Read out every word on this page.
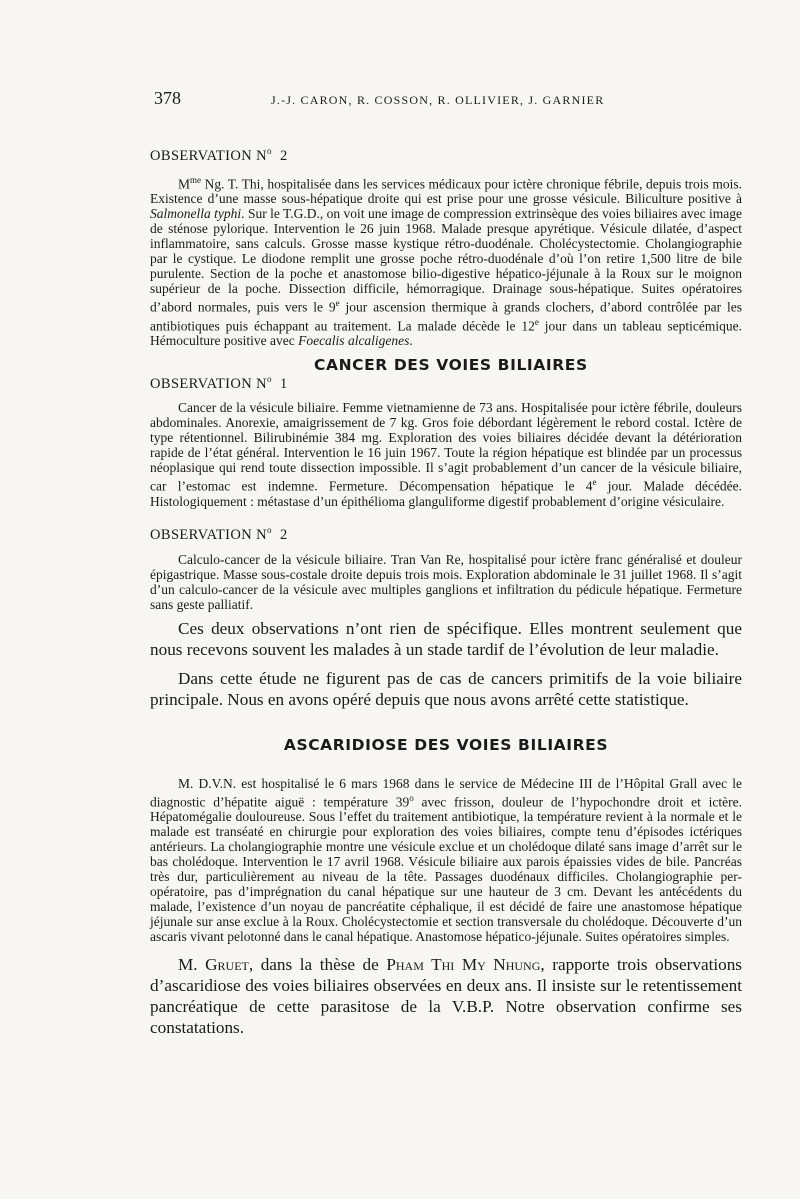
378	J.-J. CARON, R. COSSON, R. OLLIVIER, J. GARNIER
OBSERVATION $N^o$ 2

$M^{me}$ Ng. T. Thi, hospitalisée dans les services médicaux pour ictère chronique fébrile, depuis trois mois. Existence d’une masse sous-hépatique droite qui est prise pour une grosse vésicule. Biliculture positive à Salmonella typhi. Sur le T.G.D., on voit une image de compression extrinsèque des voies biliaires avec image de sténose pylorique. Intervention le 26 juin 1968. Malade presque apyrétique. Vésicule dilatée, d’aspect inflammatoire, sans calculs. Grosse masse kystique rétro-duodénale. Cholécystectomie. Cholangiographie par le cystique. Le diodone remplit une grosse poche rétro-duodénale d’où l’on retire 1,500 litre de bile purulente. Section de la poche et anastomose bilio-digestive hépatico-jéjunale à la Roux sur le moignon supérieur de la poche. Dissection difficile, hémorragique. Drainage sous-hépatique. Suites opératoires d’abord normales, puis vers le 9e jour ascension thermique à grands clochers, d’abord contrôlée par les antibiotiques puis échappant au traitement. La malade décède le 12e jour dans un tableau septicémique. Hémoculture positive avec Foecalis alcaligenes.

OBSERVATION $N^o$ 1
CANCER DES VOIES BILIAIRES

Cancer de la vésicule biliaire. Femme vietnamienne de 73 ans. Hospitalisée pour ictère fébrile, douleurs abdominales. Anorexie, amaigrissement de 7 kg. Gros foie débordant légèrement le rebord costal. Ictère de type rétentionnel. Bilirubinémie 384 mg. Exploration des voies biliaires décidée devant la détérioration rapide de l’état général. Intervention le 16 juin 1967. Toute la région hépatique est blindée par un processus néoplasique qui rend toute dissection impossible. Il s’agit probablement d’un cancer de la vésicule biliaire, car l’estomac est indemne. Fermeture. Décompensation hépatique le 4e jour. Malade décédée. Histologiquement : métastase d’un épithélioma glanguliforme digestif probablement d’origine vésiculaire.

OBSERVATION $N^o$ 2

Calculo-cancer de la vésicule biliaire. Tran Van Re, hospitalisé pour ictère franc généralisé et douleur épigastrique. Masse sous-costale droite depuis trois mois. Exploration abdominale le 31 juillet 1968. Il s’agit d’un calculo-cancer de la vésicule avec multiples ganglions et infiltration du pédicule hépatique. Fermeture sans geste palliatif.

Ces deux observations n’ont rien de spécifique. Elles montrent seulement que nous recevons souvent les malades à un stade tardif de l’évolution de leur maladie.

Dans cette étude ne figurent pas de cas de cancers primitifs de la voie biliaire principale. Nous en avons opéré depuis que nous avons arrêté cette statistique.

ASCARIDIOSE DES VOIES BILIAIRES

M. D.V.N. est hospitalisé le 6 mars 1968 dans le service de Médecine III de l’Hôpital Grall avec le diagnostic d’hépatite aiguë : température 39$^o$ avec frisson, douleur de l’hypochondre droit et ictère. Hépatomégalie douloureuse. Sous l’effet du traitement antibiotique, la température revient à la normale et le malade est transéaté en chirurgie pour exploration des voies biliaires, compte tenu d’épisodes ictériques antérieurs. La cholangiographie montre une vésicule exclue et un cholédoque dilaté sans image d’arrêt sur le bas cholédoque. Intervention le 17 avril 1968. Vésicule biliaire aux parois épaissies vides de bile. Pancréas très dur, particulièrement au niveau de la tête. Passages duodénaux difficiles. Cholangiographie per-opératoire, pas d’imprégnation du canal hépatique sur une hauteur de 3 cm. Devant les antécédents du malade, l’existence d’un noyau de pancréatite céphalique, il est décidé de faire une anastomose hépatique jéjunale sur anse exclue à la Roux. Cholécystectomie et section transversale du cholédoque. Découverte d’un ascaris vivant pelotonné dans le canal hépatique. Anastomose hépatico-jéjunale. Suites opératoires simples.

M. Gruet, dans la thèse de Pham Thi My Nhung, rapporte trois observations d’ascaridiose des voies biliaires observées en deux ans. Il insiste sur le retentissement pancréatique de cette parasitose de la V.B.P. Notre observation confirme ses constatations.
